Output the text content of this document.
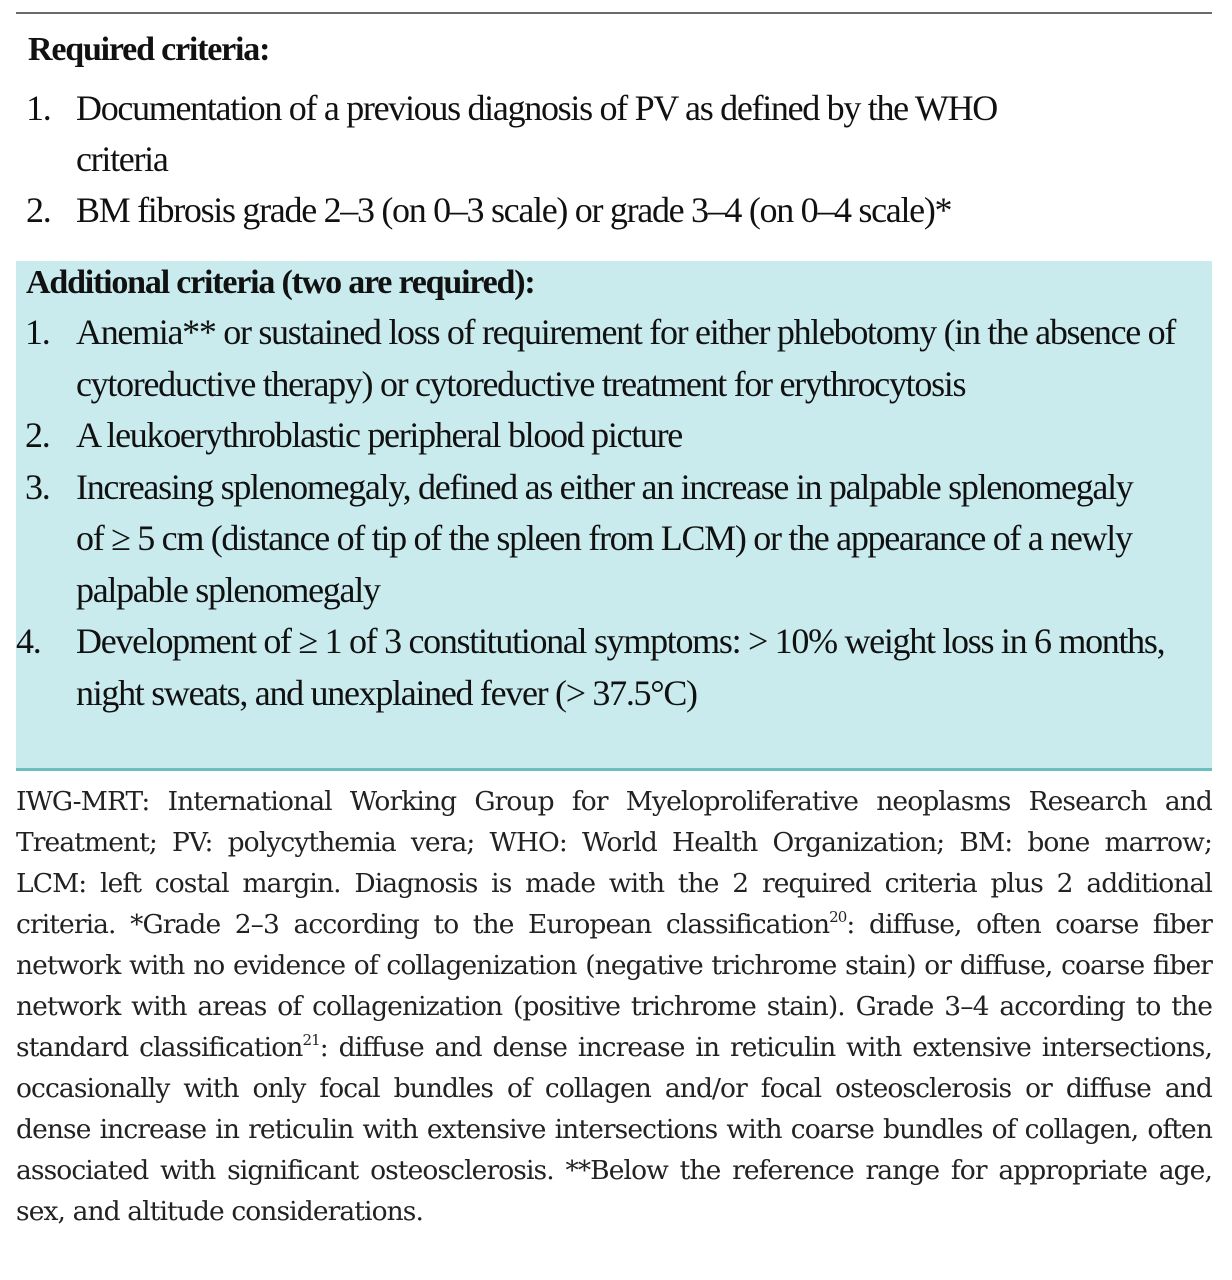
Required criteria:
1. Documentation of a previous diagnosis of PV as defined by the WHO criteria
2. BM fibrosis grade 2–3 (on 0–3 scale) or grade 3–4 (on 0–4 scale)*
Additional criteria (two are required):
1. Anemia** or sustained loss of requirement for either phlebotomy (in the absence of cytoreductive therapy) or cytoreductive treatment for erythrocytosis
2. A leukoerythroblastic peripheral blood picture
3. Increasing splenomegaly, defined as either an increase in palpable splenomegaly of ≥ 5 cm (distance of tip of the spleen from LCM) or the appearance of a newly palpable splenomegaly
4. Development of ≥ 1 of 3 constitutional symptoms: > 10% weight loss in 6 months, night sweats, and unexplained fever (> 37.5°C)

IWG-MRT: International Working Group for Myeloproliferative neoplasms Research and Treatment; PV: polycythemia vera; WHO: World Health Organization; BM: bone marrow; LCM: left costal margin. Diagnosis is made with the 2 required criteria plus 2 additional criteria. *Grade 2–3 according to the European classification$^{20}$: diffuse, often coarse fiber network with no evidence of collagenization (negative trichrome stain) or diffuse, coarse fiber network with areas of collagenization (positive trichrome stain). Grade 3–4 according to the standard classification$^{21}$: diffuse and dense increase in reticulin with extensive intersections, occasionally with only focal bundles of collagen and/or focal osteosclerosis or diffuse and dense increase in reticulin with extensive intersections with coarse bundles of collagen, often associated with significant osteosclerosis. **Below the reference range for appropriate age, sex, and altitude considerations.
